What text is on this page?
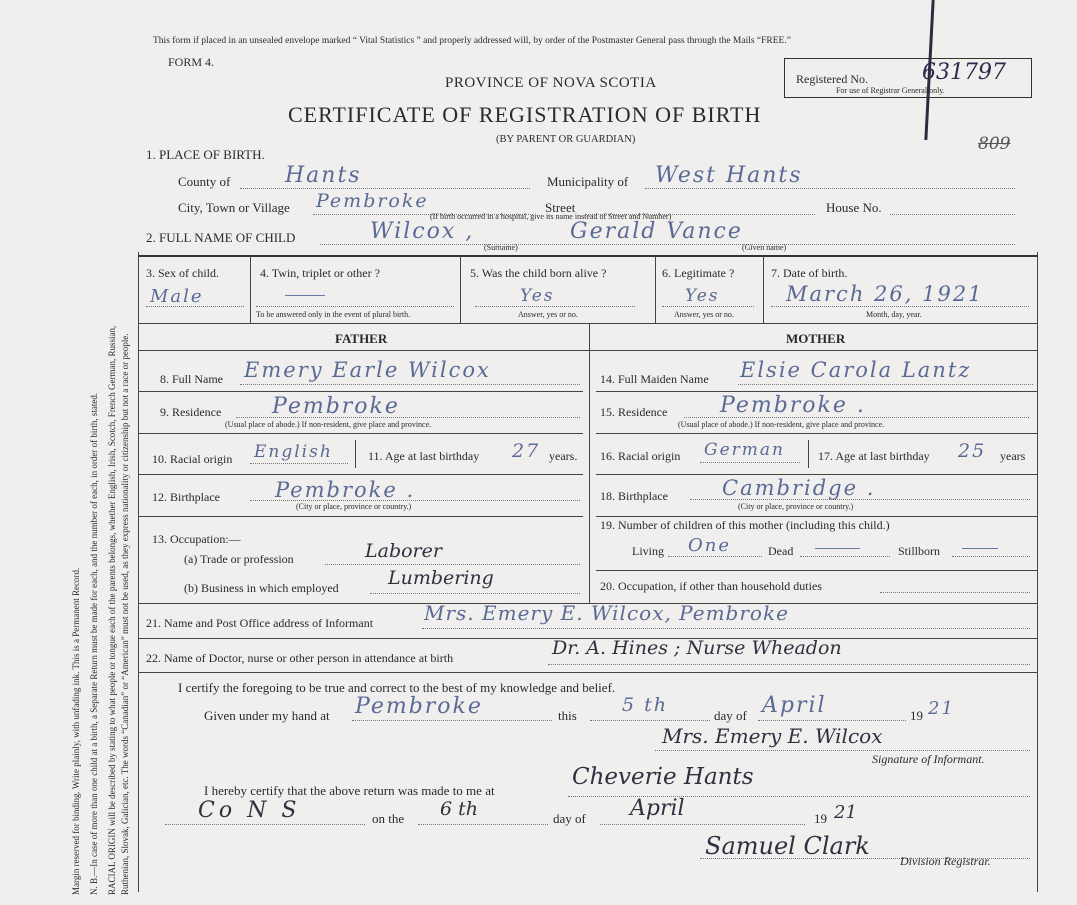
Margin reserved for binding. Write plainly, with unfading ink. This is a Permanent Record. N. B.—In case of more than one child at a birth, a Separate Return must be made for each, and the number of each, in order of birth, stated. RACIAL ORIGIN will be described by stating to what people or tongue each of the parents belongs, whether English, Irish, Scotch, French German, Russian, Ruthenian, Slovak, Galician, etc. The words “Canadian” or “American” must not be used, as they express nationality or citizenship but not a race or people.
This form if placed in an unsealed envelope marked “ Vital Statistics ” and properly addressed will, by order of the Postmaster General pass through the Mails “FREE.”
FORM 4.
PROVINCE OF NOVA SCOTIA
CERTIFICATE OF REGISTRATION OF BIRTH
(BY PARENT OR GUARDIAN)
Registered No. 631797
For use of Registrar General only.
809
1. PLACE OF BIRTH.
County of Hants	Municipality of West Hants
City, Town or Village Pembroke	Street	House No.
(If birth occurred in a hospital, give its name instead of Street and Number)
2. FULL NAME OF CHILD	Wilcox ,	Gerald Vance
(Surname)	(Given name)
3. Sex of child.
Male
4. Twin, triplet or other ?
To be answered only in the event of plural birth.
5. Was the child born alive ?
Yes
Answer, yes or no.
6. Legitimate ?
Yes
Answer, yes or no.
7. Date of birth.
March 26, 1921
Month, day, year.
FATHER	MOTHER
8. Full Name Emery Earle Wilcox
9. Residence Pembroke
(Usual place of abode.) If non-resident, give place and province.
10. Racial origin English	11. Age at last birthday 27 years.
12. Birthplace	Pembroke .
(City or place, province or country.)
13. Occupation:—
(a) Trade or profession	Laborer
(b) Business in which employed	Lumbering
14. Full Maiden Name Elsie Carola Lantz
15. Residence Pembroke .
(Usual place of abode.) If non-resident, give place and province.
16. Racial origin German	17. Age at last birthday 25 years
18. Birthplace	Cambridge .
(City or place, province or country.)
19. Number of children of this mother (including this child.)
Living One	Dead	Stillborn
20. Occupation, if other than household duties
21. Name and Post Office address of Informant	Mrs. Emery E. Wilcox, Pembroke
22. Name of Doctor, nurse or other person in attendance at birth	Dr. A. Hines ; Nurse Wheadon
I certify the foregoing to be true and correct to the best of my knowledge and belief.
Given under my hand at Pembroke	this 5 th	day of April	19 21
Mrs. Emery E. Wilcox
Signature of Informant.
I hereby certify that the above return was made to me at
Cheverie Hants
Co N S	on the 6 th	day of April	19 21
Samuel Clark
Division Registrar.
